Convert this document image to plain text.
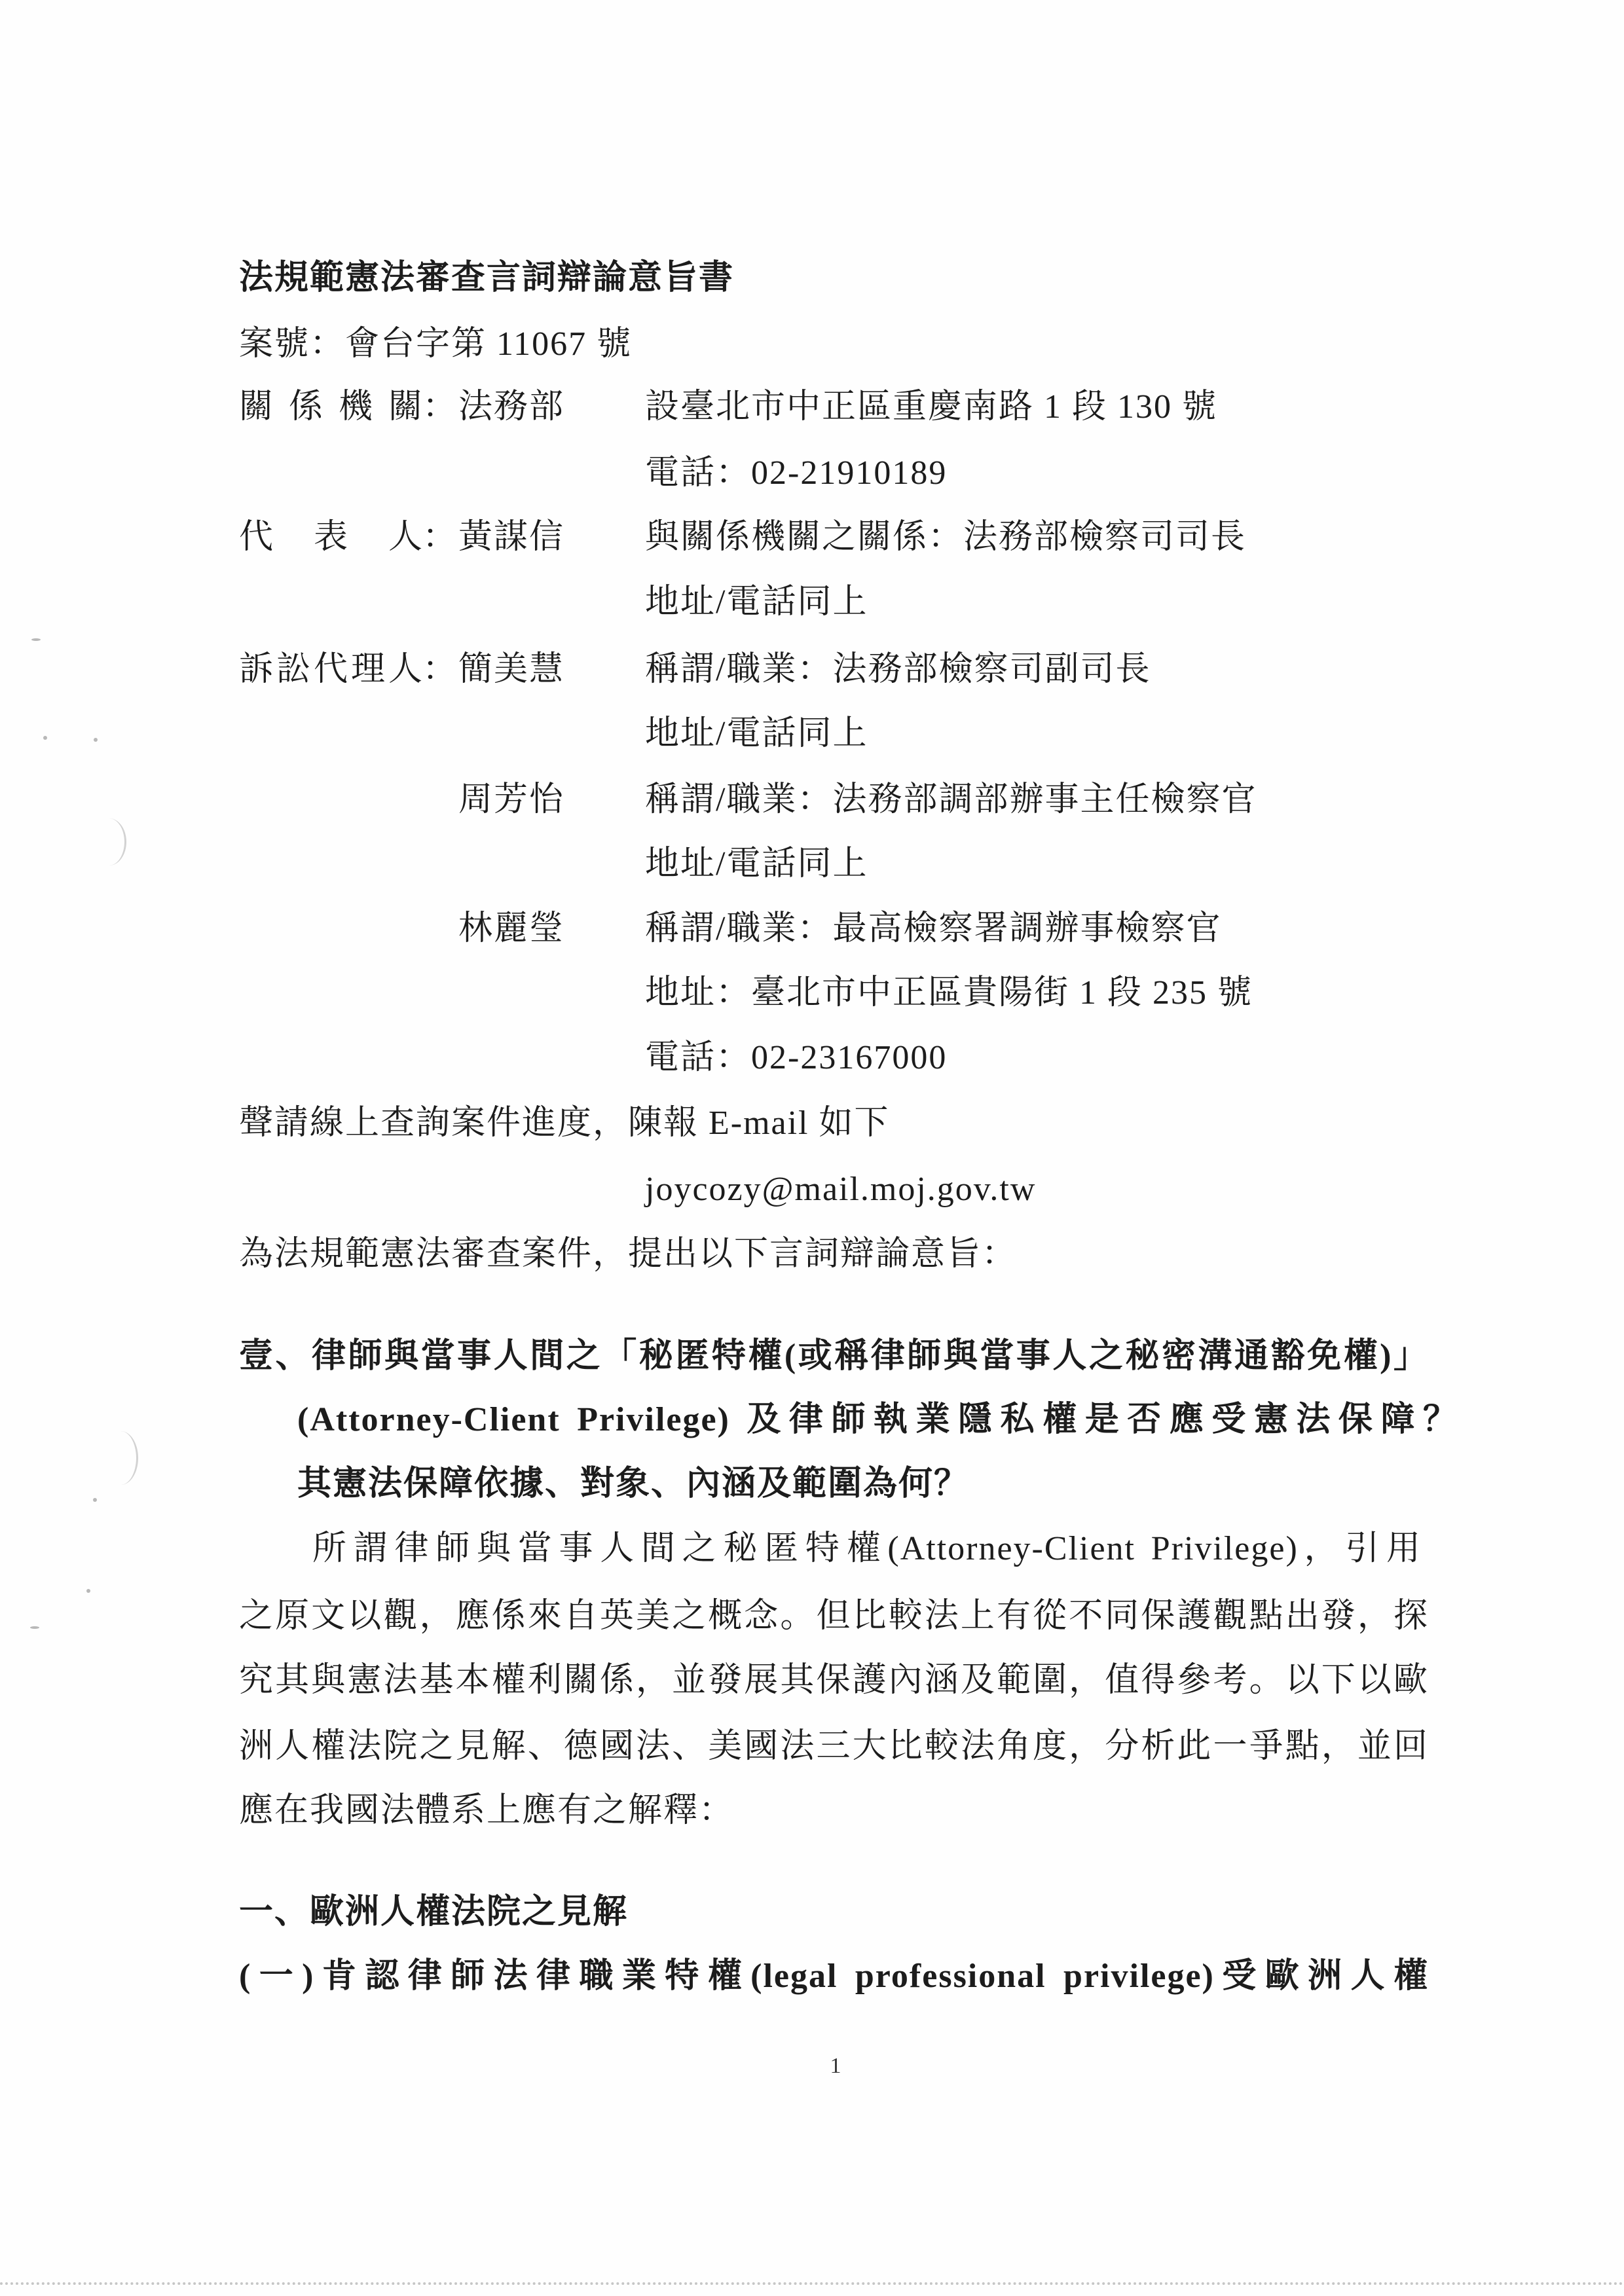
法規範憲法審查言詞辯論意旨書
案號：會台字第 11067 號
關 係 機 關：法務部 設臺北市中正區重慶南路 1 段 130 號
電話：02-21910189
代 表 人：黃謀信 與關係機關之關係：法務部檢察司司長
地址/電話同上
訴訟代理人：簡美慧 稱謂/職業：法務部檢察司副司長
地址/電話同上
周芳怡 稱謂/職業：法務部調部辦事主任檢察官
地址/電話同上
林麗瑩 稱謂/職業：最高檢察署調辦事檢察官
地址：臺北市中正區貴陽街 1 段 235 號
電話：02-23167000
聲請線上查詢案件進度，陳報 E-mail 如下
joycozy@mail.moj.gov.tw
為法規範憲法審查案件，提出以下言詞辯論意旨：
壹、律師與當事人間之「秘匿特權(或稱律師與當事人之秘密溝通豁免權)」
(Attorney-Client Privilege) 及律師執業隱私權是否應受憲法保障？
其憲法保障依據、對象、內涵及範圍為何？
所謂律師與當事人間之秘匿特權(Attorney-Client Privilege)，引用
之原文以觀，應係來自英美之概念。但比較法上有從不同保護觀點出發，探
究其與憲法基本權利關係，並發展其保護內涵及範圍，值得參考。以下以歐
洲人權法院之見解、德國法、美國法三大比較法角度，分析此一爭點，並回
應在我國法體系上應有之解釋：
一、歐洲人權法院之見解
(一)肯認律師法律職業特權(legal professional privilege)受歐洲人權
1
